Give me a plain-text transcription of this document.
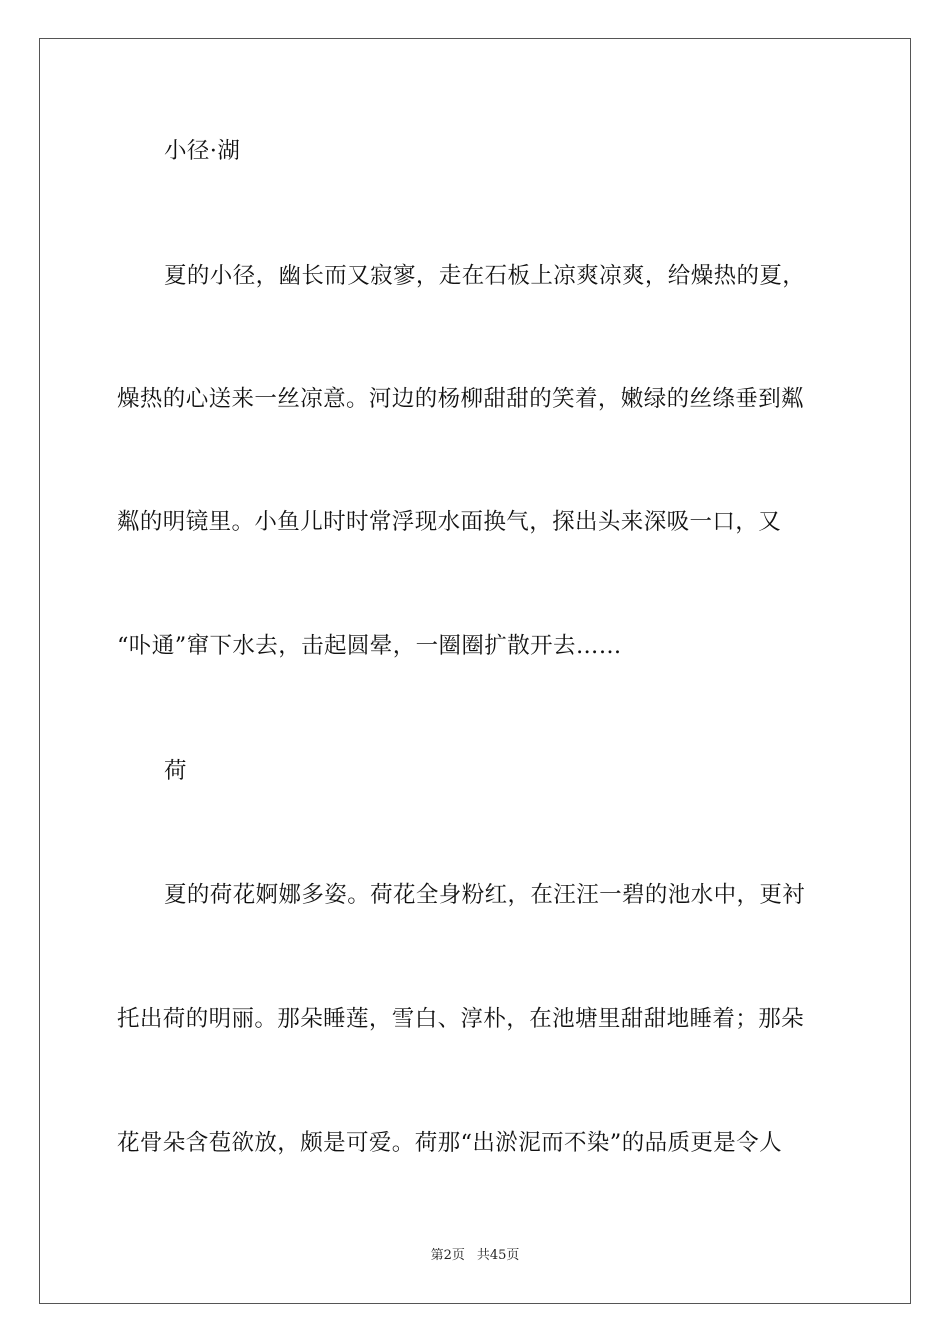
小径·湖
夏的小径，幽长而又寂寥，走在石板上凉爽凉爽，给燥热的夏，
燥热的心送来一丝凉意。河边的杨柳甜甜的笑着，嫩绿的丝绦垂到粼
粼的明镜里。小鱼儿时时常浮现水面换气，探出头来深吸一口，又
“卟通”窜下水去，击起圆晕，一圈圈扩散开去……
荷
夏的荷花婀娜多姿。荷花全身粉红，在汪汪一碧的池水中，更衬
托出荷的明丽。那朵睡莲，雪白、淳朴，在池塘里甜甜地睡着；那朵
花骨朵含苞欲放，颇是可爱。荷那“出淤泥而不染”的品质更是令人
第2页 共45页
